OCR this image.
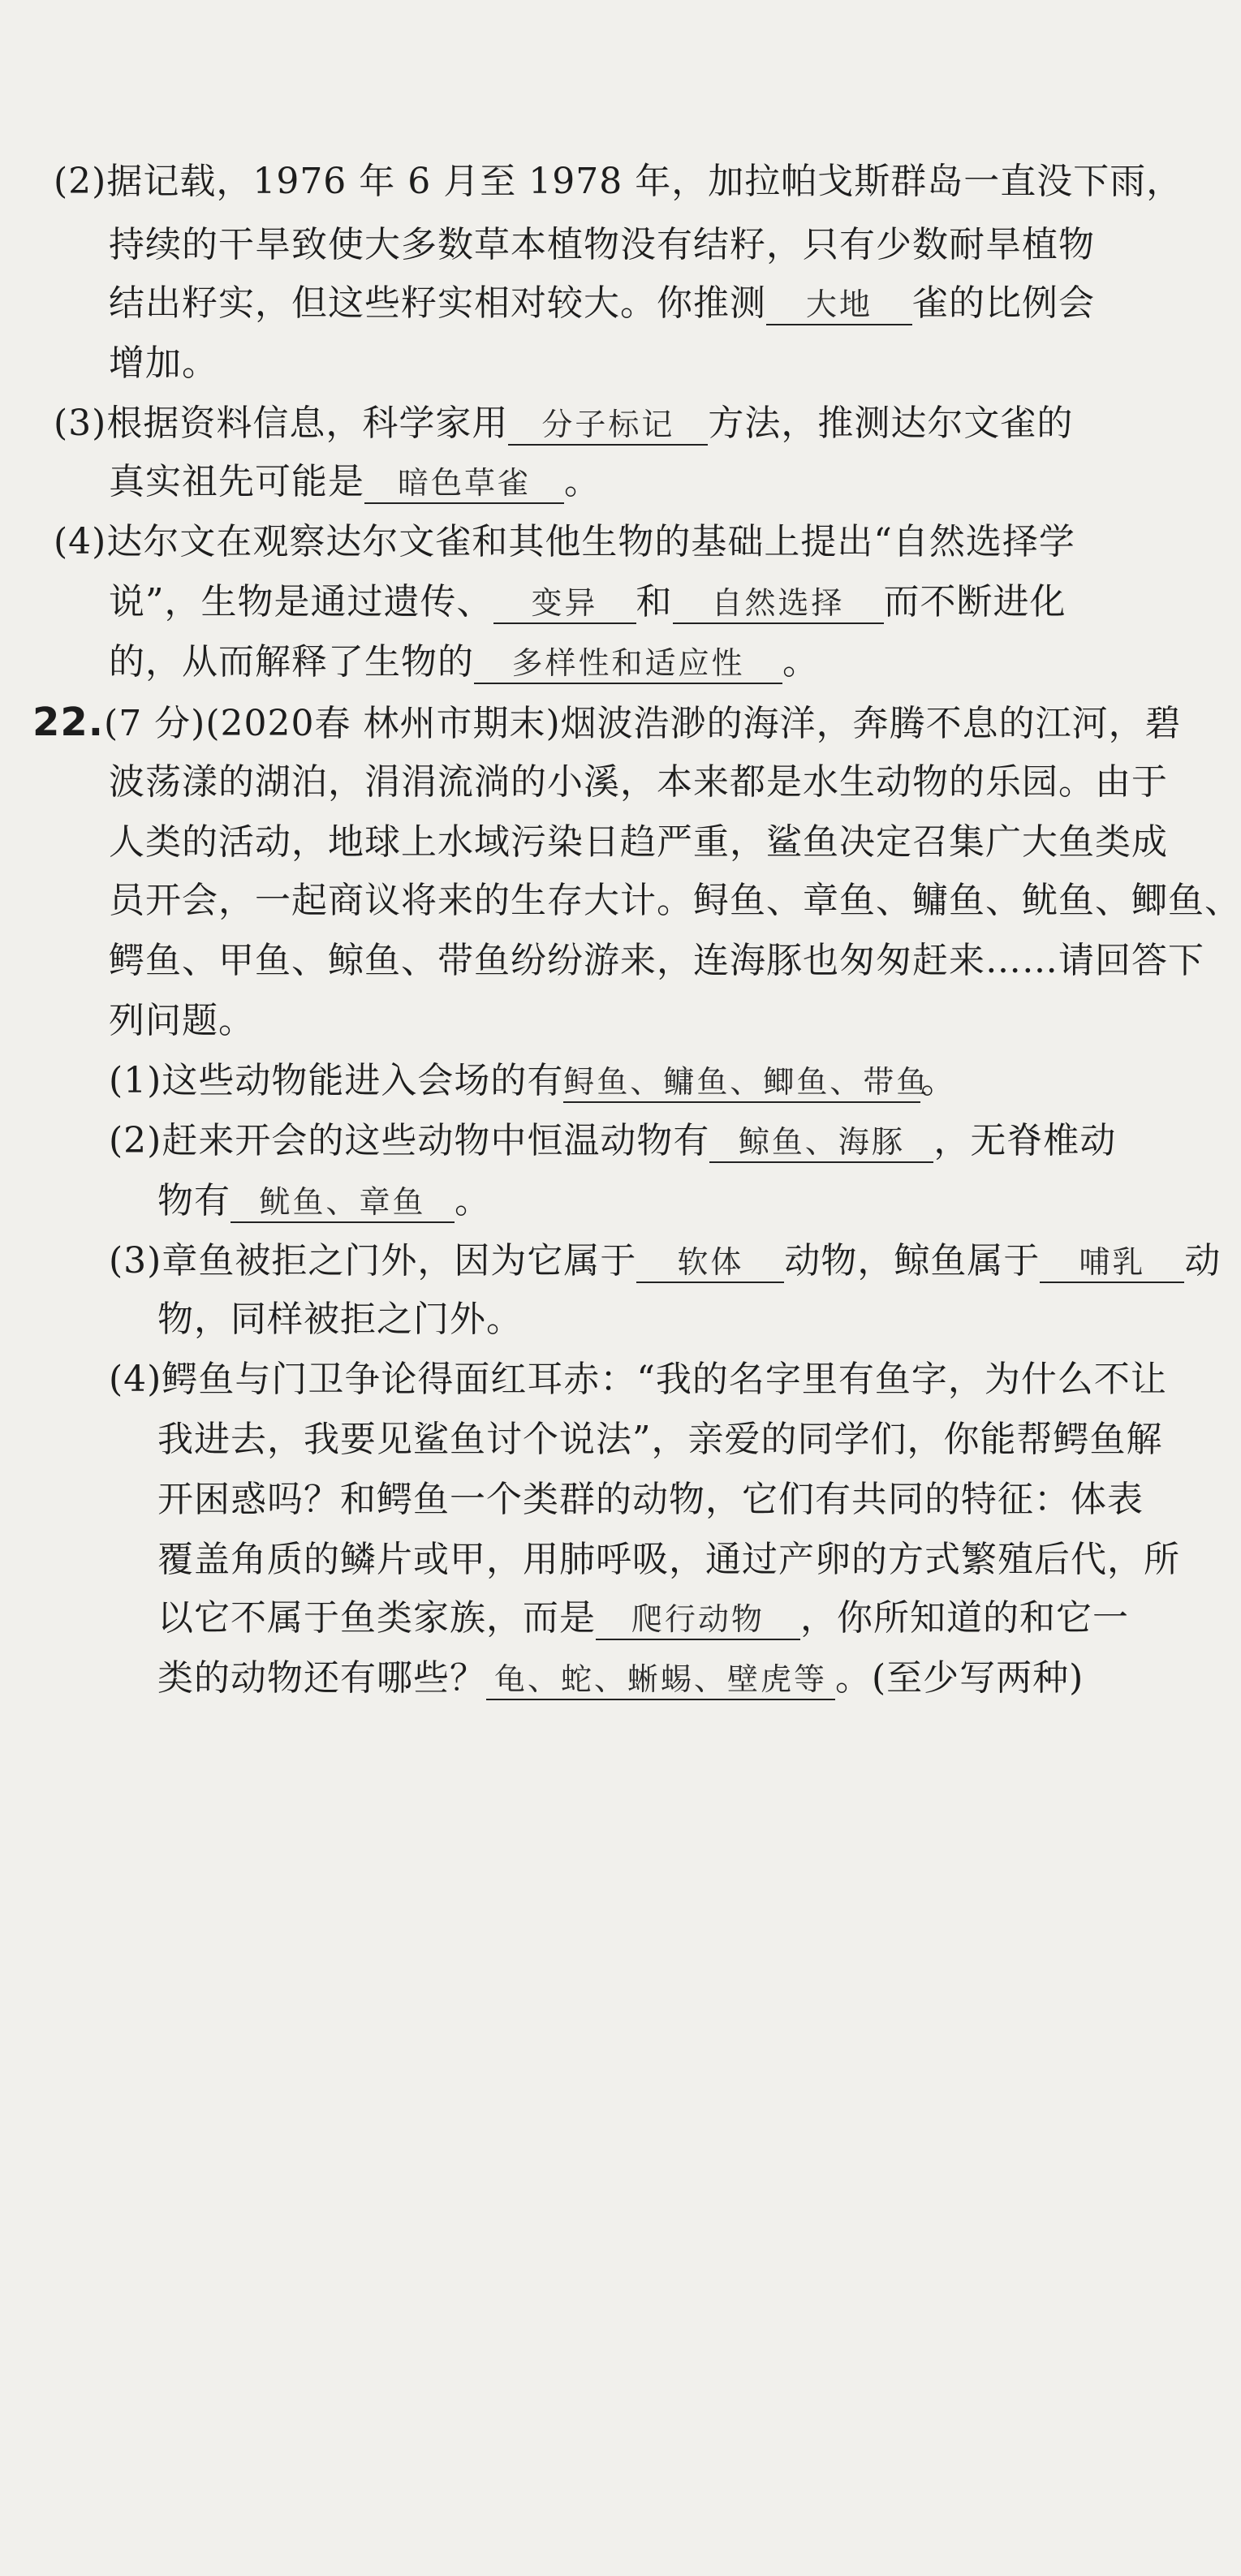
(2)据记载，1976 年 6 月至 1978 年，加拉帕戈斯群岛一直没下雨，
持续的干旱致使大多数草本植物没有结籽，只有少数耐旱植物
结出籽实，但这些籽实相对较大。你推测 大地 雀的比例会
增加。
(3)根据资料信息，科学家用 分子标记 方法，推测达尔文雀的
真实祖先可能是 暗色草雀 。
(4)达尔文在观察达尔文雀和其他生物的基础上提出“自然选择学
说”，生物是通过遗传、 变异 和 自然选择 而不断进化
的，从而解释了生物的 多样性和适应性 。
22.(7 分)(2020春 林州市期末)烟波浩渺的海洋，奔腾不息的江河，碧
波荡漾的湖泊，涓涓流淌的小溪，本来都是水生动物的乐园。由于
人类的活动，地球上水域污染日趋严重，鲨鱼决定召集广大鱼类成
员开会，一起商议将来的生存大计。鲟鱼、章鱼、鳙鱼、鱿鱼、鲫鱼、
鳄鱼、甲鱼、鲸鱼、带鱼纷纷游来，连海豚也匆匆赶来……请回答下
列问题。
(1)这些动物能进入会场的有鲟鱼、鳙鱼、鲫鱼、带鱼。
(2)赶来开会的这些动物中恒温动物有 鲸鱼、海豚 ，无脊椎动
物有 鱿鱼、章鱼 。
(3)章鱼被拒之门外，因为它属于 软体 动物，鲸鱼属于 哺乳 动
物，同样被拒之门外。
(4)鳄鱼与门卫争论得面红耳赤：“我的名字里有鱼字，为什么不让
我进去，我要见鲨鱼讨个说法”，亲爱的同学们，你能帮鳄鱼解
开困惑吗？和鳄鱼一个类群的动物，它们有共同的特征：体表
覆盖角质的鳞片或甲，用肺呼吸，通过产卵的方式繁殖后代，所
以它不属于鱼类家族，而是 爬行动物 ，你所知道的和它一
类的动物还有哪些？ 龟、蛇、蜥蜴、壁虎等 。(至少写两种)
